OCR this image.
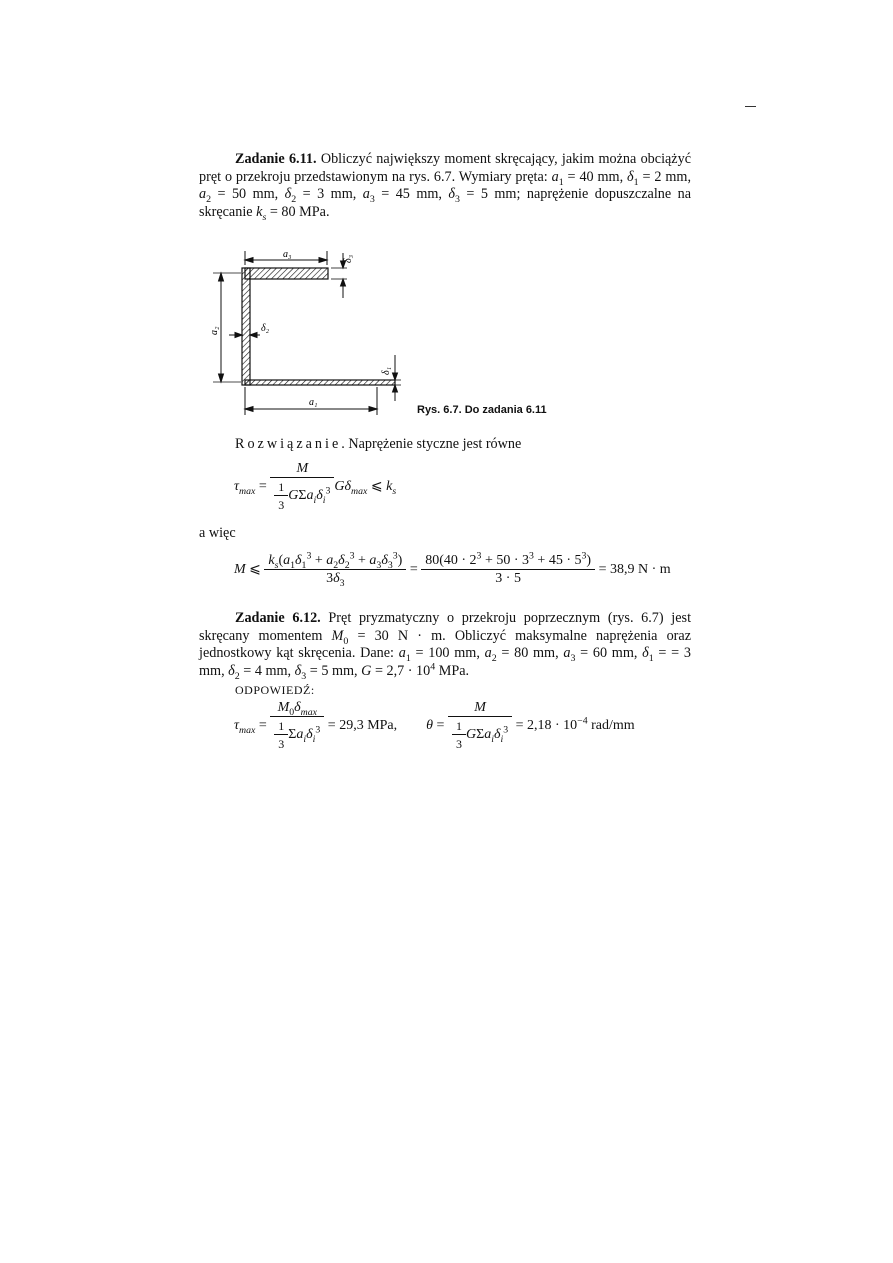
Zadanie 6.11. Obliczyć największy moment skręcający, jakim można obciążyć pręt o przekroju przedstawionym na rys. 6.7. Wymiary pręta: $a_1 = 40$ mm, $\delta_1 = 2$ mm, $a_2 = 50$ mm, $\delta_2 = 3$ mm, $a_3 = 45$ mm, $\delta_3 = 5$ mm; naprężenie dopuszczalne na skręcanie $k_s = 80$ MPa.
a₃	δ₃
a₂	δ₂
δ₁
a₁
Rys. 6.7. Do zadania 6.11
Rozwiązanie. Naprężenie styczne jest równe
$\tau_{max} = \frac{M}{\frac{1}{3} G\Sigma a_i\delta_i^3} G\delta_{max}$ ⩽ $k_s$
a więc
M ⩽ $\frac{k_s(a_1\delta_1^3 + a_2\delta_2^3 + a_3\delta_3^3)}{3\delta_3} = \frac{80(40 \cdot 2^3 + 50 \cdot 3^3 + 45 \cdot 5^3)}{3 \cdot 5} = 38,9$ N · m
Zadanie 6.12. Pręt pryzmatyczny o przekroju poprzecznym (rys. 6.7) jest skręcany momentem $M_0 = 30$ N · m. Obliczyć maksymalne naprężenia oraz jednostkowy kąt skręcenia. Dane: $a_1 = 100$ mm, $a_2 = 80$ mm, $a_3 = 60$ mm, $\delta_1$ = = 3 mm, $\delta_2 = 4$ mm, $\delta_3 = 5$ mm, $G = 2,7 \cdot 10^4$ MPa.
ODPOWIEDŹ:
$\tau_{max} = \frac{M_0\delta_{max}}{\frac{1}{3} \Sigma a_i\delta_i^3} = 29,3$ MPa, $\theta = \frac{M}{\frac{1}{3} G\Sigma a_i\delta_i^3} = 2,18 \cdot 10^{-4}$ rad/mm
